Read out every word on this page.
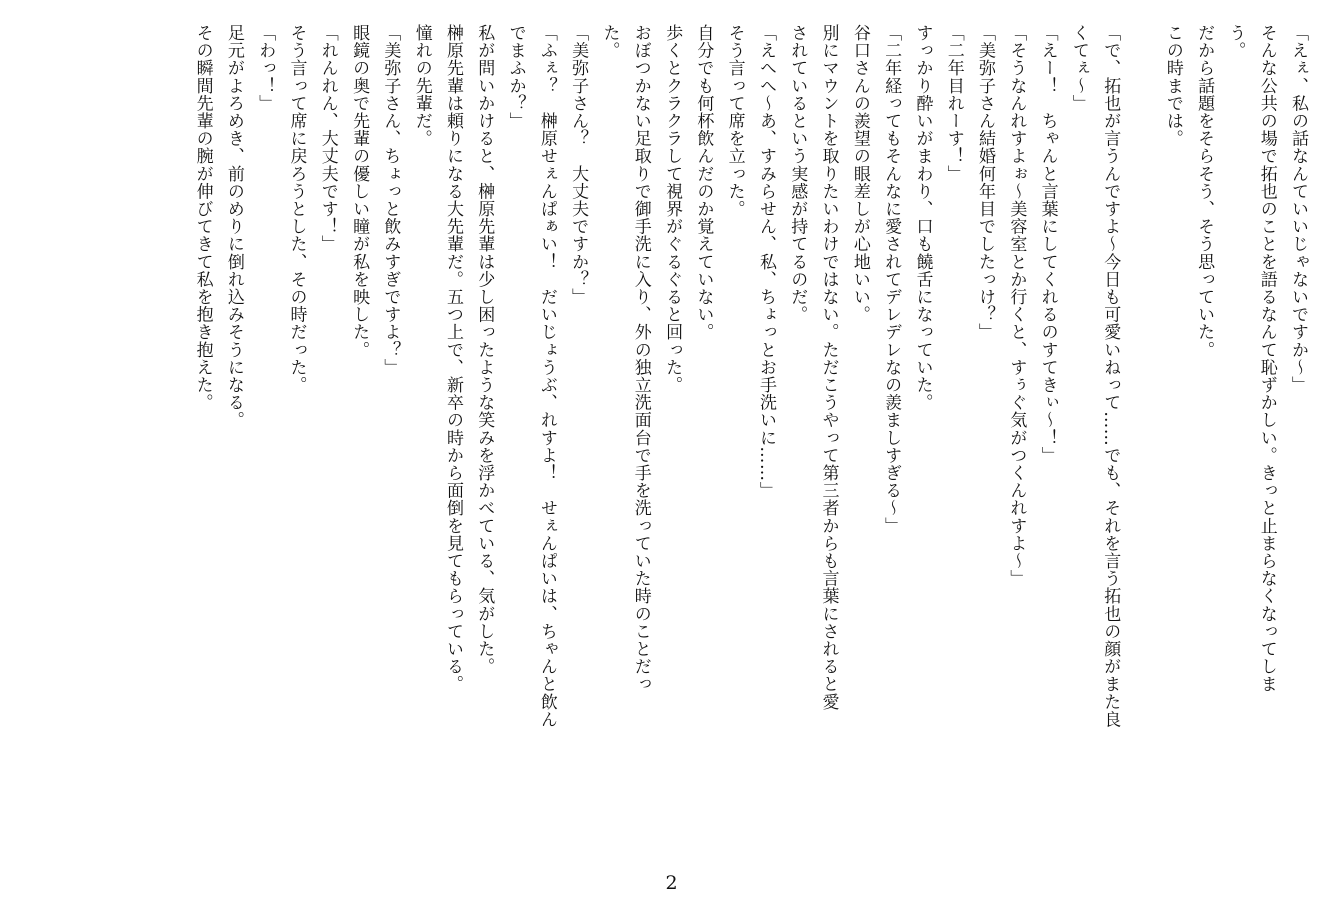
「えぇ、私の話なんていいじゃないですか～」
そんな公共の場で拓也のことを語るなんて恥ずかしい。きっと止まらなくなってしま
う。
だから話題をそらそう、そう思っていた。
この時までは。

「で、拓也が言うんですよ～今日も可愛いねって……でも、それを言う拓也の顔がまた良
くてぇ～」
「えー！　ちゃんと言葉にしてくれるのすてきぃ～！」
「そうなんれすよぉ～美容室とか行くと、すぅぐ気がつくんれすよ～」
「美弥子さん結婚何年目でしたっけ？」
「二年目れーす！」
すっかり酔いがまわり、口も饒舌になっていた。
「二年経ってもそんなに愛されてデレデレなの羨ましすぎる～」
谷口さんの羨望の眼差しが心地いい。
別にマウントを取りたいわけではない。ただこうやって第三者からも言葉にされると愛
されているという実感が持てるのだ。
「えへへ～あ、すみらせん、私、ちょっとお手洗いに……」
そう言って席を立った。
自分でも何杯飲んだのか覚えていない。
歩くとクラクラして視界がぐるぐると回った。
おぼつかない足取りで御手洗に入り、外の独立洗面台で手を洗っていた時のことだっ
た。
「美弥子さん？　大丈夫ですか？」
「ふぇ？　榊原せぇんぱぁい！　だいじょうぶ、れすよ！　せぇんぱいは、ちゃんと飲ん
でまふか？」
私が問いかけると、榊原先輩は少し困ったような笑みを浮かべている、気がした。
榊原先輩は頼りになる大先輩だ。五つ上で、新卒の時から面倒を見てもらっている。
憧れの先輩だ。
「美弥子さん、ちょっと飲みすぎですよ？」
眼鏡の奥で先輩の優しい瞳が私を映した。
「れんれん、大丈夫です！」
そう言って席に戻ろうとした、その時だった。
「わっ！」
足元がよろめき、前のめりに倒れ込みそうになる。
その瞬間先輩の腕が伸びてきて私を抱き抱えた。
2
